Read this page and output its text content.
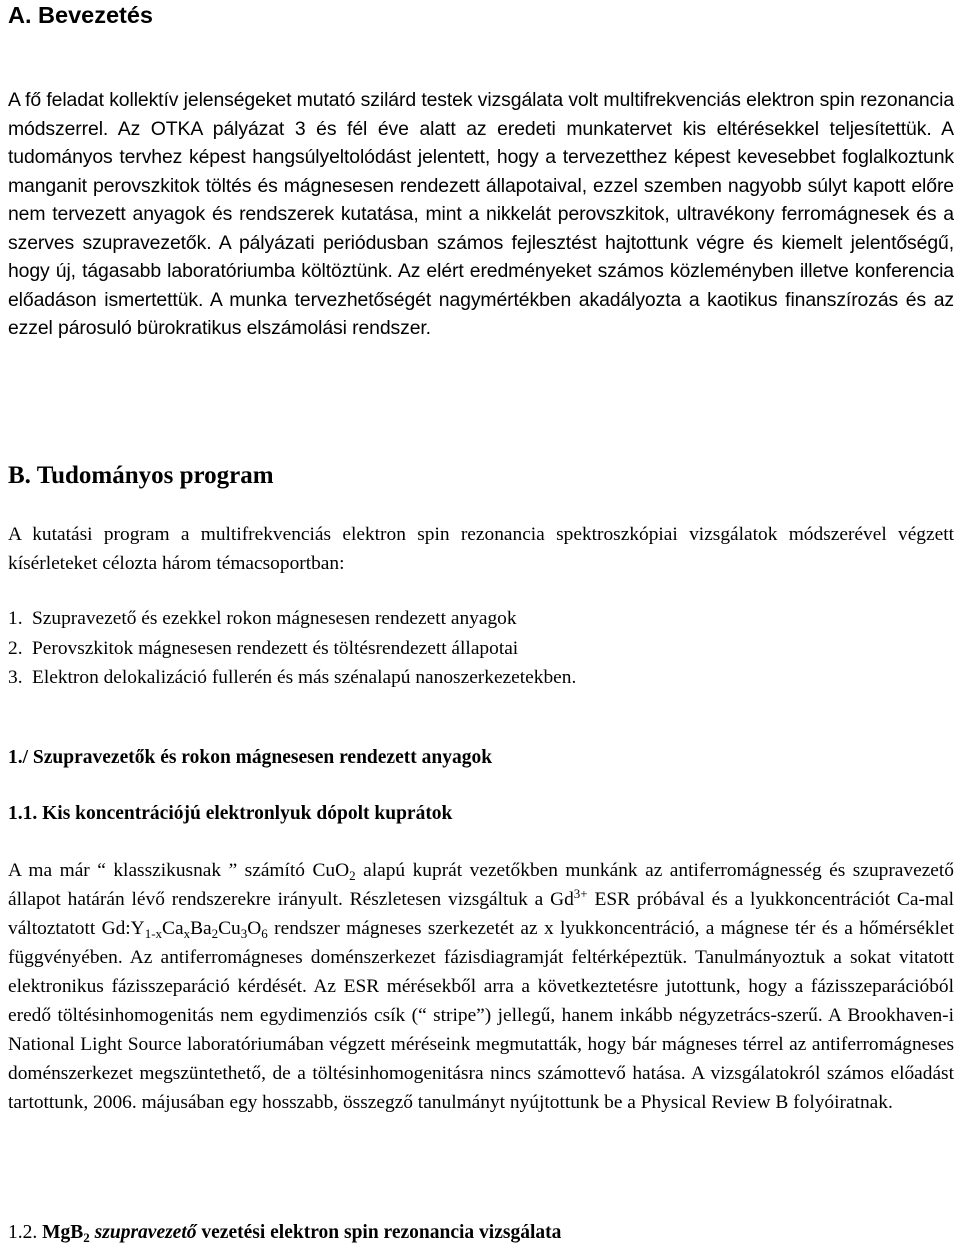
A. Bevezetés

A fő feladat kollektív jelenségeket mutató szilárd testek vizsgálata volt multifrekvenciás elektron spin rezonancia módszerrel. Az OTKA pályázat 3 és fél éve alatt az eredeti munkatervet kis eltérésekkel teljesítettük. A tudományos tervhez képest hangsúlyeltolódást jelentett, hogy a tervezetthez képest kevesebbet foglalkoztunk manganit perovszkitok töltés és mágnesesen rendezett állapotaival, ezzel szemben nagyobb súlyt kapott előre nem tervezett anyagok és rendszerek kutatása, mint a nikkelát perovszkitok, ultravékony ferromágnesek és a szerves szupravezetők. A pályázati periódusban számos fejlesztést hajtottunk végre és kiemelt jelentőségű, hogy új, tágasabb laboratóriumba költöztünk. Az elért eredményeket számos közleményben illetve konferencia előadáson ismertettük. A munka tervezhetőségét nagymértékben akadályozta a kaotikus finanszírozás és az ezzel párosuló bürokratikus elszámolási rendszer.

B. Tudományos program

A kutatási program a multifrekvenciás elektron spin rezonancia spektroszkópiai vizsgálatok módszerével végzett kísérleteket célozta három témacsoportban:

1. Szupravezető és ezekkel rokon mágnesesen rendezett anyagok
2. Perovszkitok mágnesesen rendezett és töltésrendezett állapotai
3. Elektron delokalizáció fullerén és más szénalapú nanoszerkezetekben.
1./ Szupravezetők és rokon mágnesesen rendezett anyagok
1.1. Kis koncentrációjú elektronlyuk dópolt kuprátok

A ma már “ klasszikusnak ” számító CuO$_2$ alapú kuprát vezetőkben munkánk az antiferromágnesség és szupravezető állapot határán lévő rendszerekre irányult. Részletesen vizsgáltuk a $Gd^{3+}$ ESR próbával és a lyukkoncentrációt Ca-mal változtatott $Gd:Y_{1-x}Ca_xBa_2Cu_3O_6$ rendszer mágneses szerkezetét az x lyukkoncentráció, a mágnese tér és a hőmérséklet függvényében. Az antiferromágneses doménszerkezet fázisdiagramját feltérképeztük. Tanulmányoztuk a sokat vitatott elektronikus fázisszeparáció kérdését. Az ESR mérésekből arra a következtetésre jutottunk, hogy a fázisszeparációból eredő töltésinhomogenitás nem egydimenziós csík (“ stripe”) jellegű, hanem inkább négyzetrács-szerű. A Brookhaven-i National Light Source laboratóriumában végzett méréseink megmutatták, hogy bár mágneses térrel az antiferromágneses doménszerkezet megszüntethető, de a töltésinhomogenitásra nincs számottevő hatása. A vizsgálatokról számos előadást tartottunk, 2006. májusában egy hosszabb, összegző tanulmányt nyújtottunk be a Physical Review B folyóiratnak.

1.2. MgB$_2$ szupravezető vezetési elektron spin rezonancia vizsgálata
